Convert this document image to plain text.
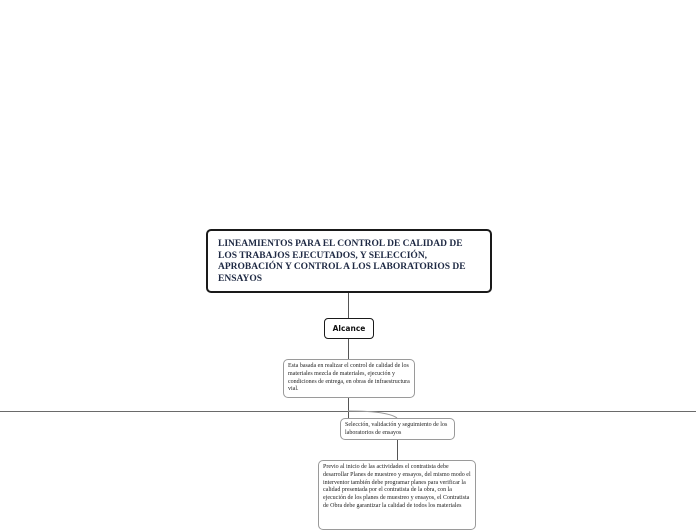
LINEAMIENTOS PARA EL CONTROL DE CALIDAD DE LOS TRABAJOS EJECUTADOS, Y SELECCIÓN, APROBACIÓN Y CONTROL A LOS LABORATORIOS DE ENSAYOS
Alcance
Esta basada en realizar el control de calidad de los materiales mezcla de materiales, ejecución y condiciones de entrega, en obras de infraestructura vial.
Selección, validación y seguimiento de los laboratorios de ensayos
Previo al inicio de las actividades el contratista debe desarrollar Planes de muestreo y ensayos, del mismo modo el interventor también debe programar planes para verificar la calidad presentada por el contratista de la obra, con la ejecución de los planes de muestreo y ensayos, el Contratista de Obra debe garantizar la calidad de todos los materiales
